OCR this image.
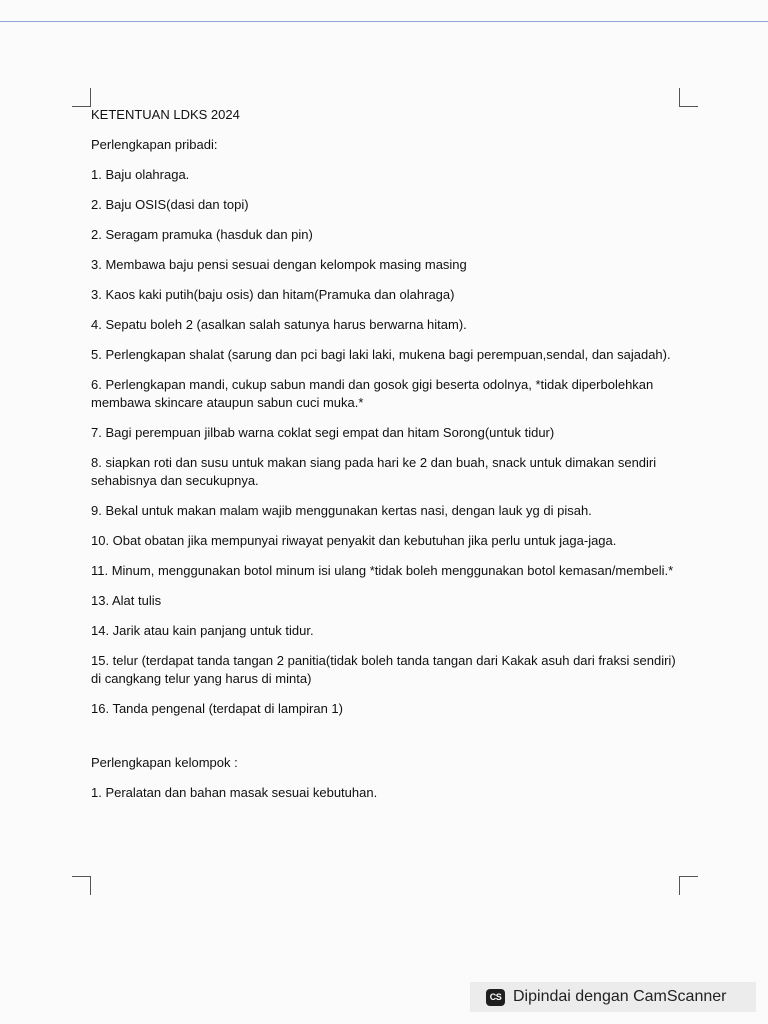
KETENTUAN LDKS 2024

Perlengkapan pribadi:

1. Baju olahraga.

2. Baju OSIS(dasi dan topi)

2. Seragam pramuka (hasduk dan pin)

3. Membawa baju pensi sesuai dengan kelompok masing masing

3. Kaos kaki putih(baju osis) dan hitam(Pramuka dan olahraga)

4. Sepatu boleh 2 (asalkan salah satunya harus berwarna hitam).

5. Perlengkapan shalat (sarung dan pci bagi laki laki, mukena bagi perempuan,sendal, dan sajadah).

6. Perlengkapan mandi, cukup sabun mandi dan gosok gigi beserta odolnya, *tidak diperbolehkan membawa skincare ataupun sabun cuci muka.*

7. Bagi perempuan jilbab warna coklat segi empat dan hitam Sorong(untuk tidur)

8. siapkan roti dan susu untuk makan siang pada hari ke 2 dan buah, snack untuk dimakan sendiri sehabisnya dan secukupnya.

9. Bekal untuk makan malam wajib menggunakan kertas nasi, dengan lauk yg di pisah.

10. Obat obatan jika mempunyai riwayat penyakit dan kebutuhan jika perlu untuk jaga-jaga.

11. Minum, menggunakan botol minum isi ulang *tidak boleh menggunakan botol kemasan/membeli.*

13. Alat tulis

14. Jarik atau kain panjang untuk tidur.

15. telur (terdapat tanda tangan 2 panitia(tidak boleh tanda tangan dari Kakak asuh dari fraksi sendiri) di cangkang telur yang harus di minta)

16. Tanda pengenal (terdapat di lampiran 1)

Perlengkapan kelompok :

1. Peralatan dan bahan masak sesuai kebutuhan.

CS Dipindai dengan CamScanner
